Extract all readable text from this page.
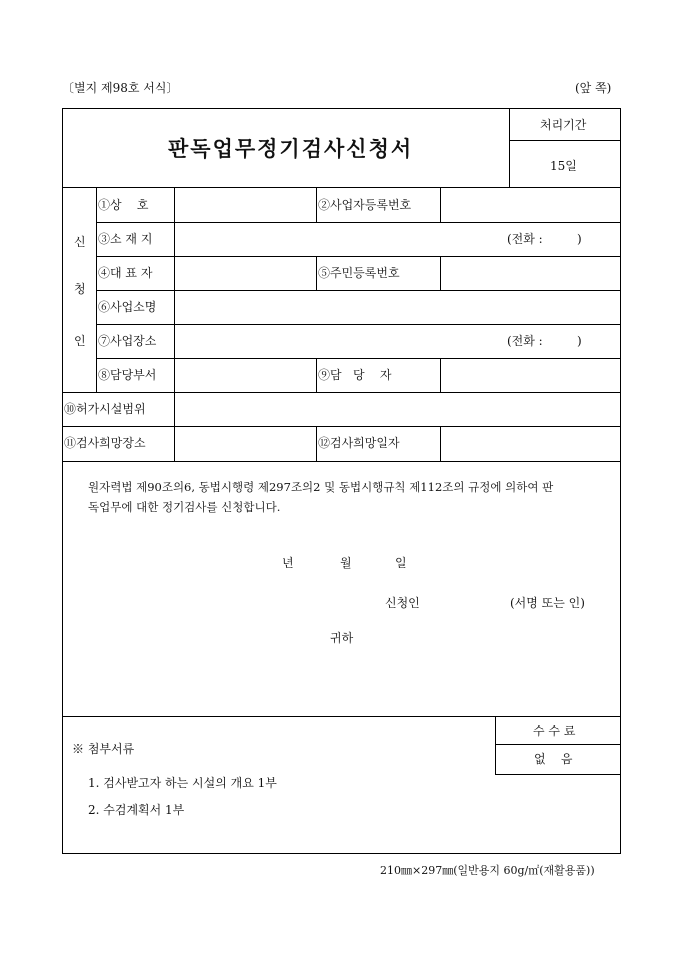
〔별지 제98호 서식〕	(앞 쪽)
판독업무정기검사신청서
처리기간
15일
신
청
인
①상    호	②사업자등록번호
③소 재 지	(전화 :         )
④대 표 자	⑤주민등록번호
⑥사업소명
⑦사업장소	(전화 :         )
⑧담당부서	⑨담   당    자
⑩허가시설범위
⑪검사희망장소	⑫검사희망일자
원자력법 제90조의6, 동법시행령 제297조의2 및 동법시행규칙 제112조의 규정에 의하여 판
독업무에 대한 정기검사를 신청합니다.
년	월	일
신청인	(서명 또는 인)
귀하
수 수 료
없    음
※ 첨부서류
1. 검사받고자 하는 시설의 개요 1부
2. 수검계획서 1부
210㎜×297㎜(일반용지 60g/㎡(재활용품))
